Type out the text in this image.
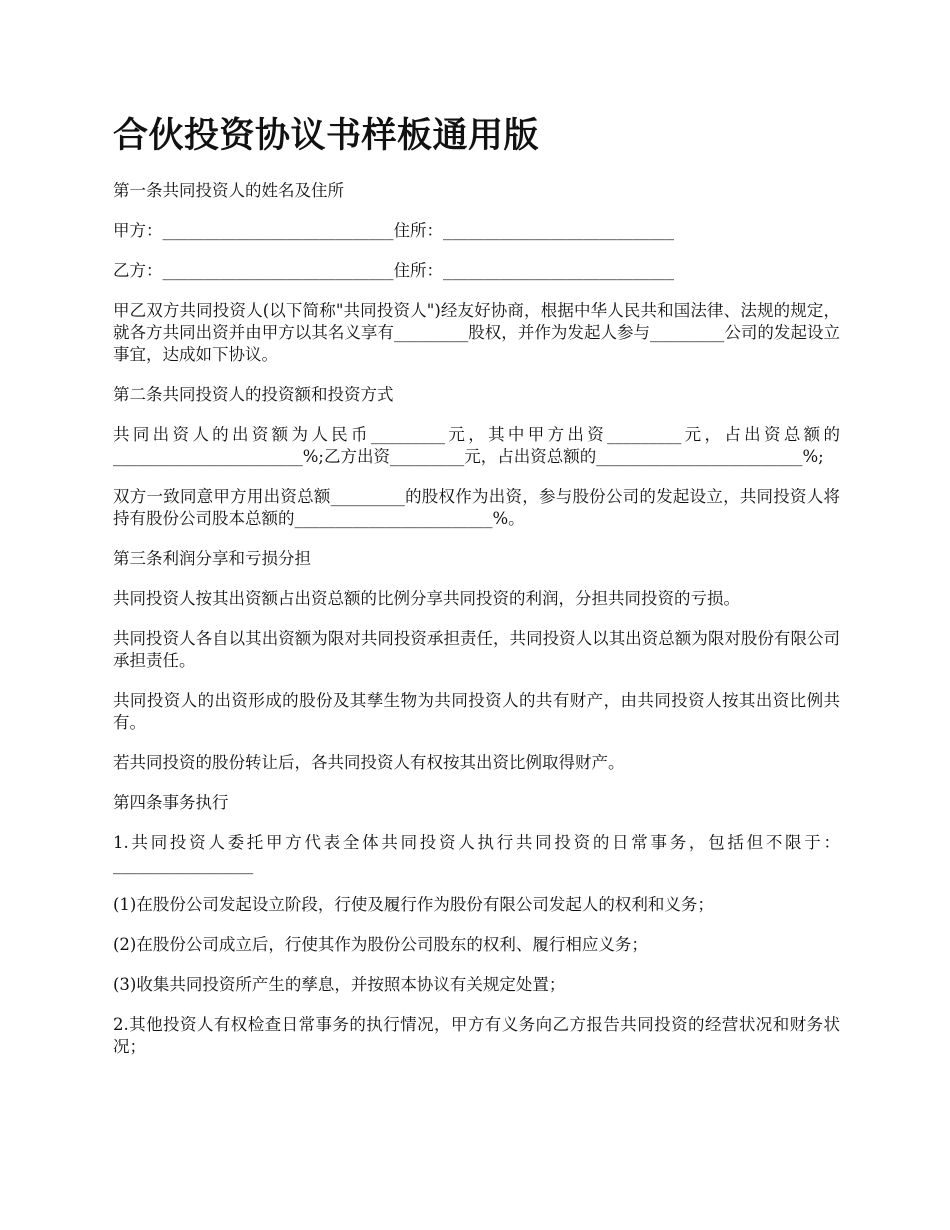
合伙投资协议书样板通用版

第一条共同投资人的姓名及住所

甲方：____________________________住所：____________________________

乙方：____________________________住所：____________________________

甲乙双方共同投资人(以下简称"共同投资人")经友好协商，根据中华人民共和国法律、法规的规定，就各方共同出资并由甲方以其名义享有_________股权，并作为发起人参与_________公司的发起设立事宜，达成如下协议。

第二条共同投资人的投资额和投资方式

共同出资人的出资额为人民币_________元，其中甲方出资_________元，占出资总额的_______________________%;乙方出资_________元，占出资总额的_________________________%;

双方一致同意甲方用出资总额_________的股权作为出资，参与股份公司的发起设立，共同投资人将持有股份公司股本总额的________________________%。

第三条利润分享和亏损分担

共同投资人按其出资额占出资总额的比例分享共同投资的利润，分担共同投资的亏损。

共同投资人各自以其出资额为限对共同投资承担责任，共同投资人以其出资总额为限对股份有限公司承担责任。

共同投资人的出资形成的股份及其孳生物为共同投资人的共有财产，由共同投资人按其出资比例共有。

若共同投资的股份转让后，各共同投资人有权按其出资比例取得财产。

第四条事务执行

1.共同投资人委托甲方代表全体共同投资人执行共同投资的日常事务，包括但不限于：_________________

(1)在股份公司发起设立阶段，行使及履行作为股份有限公司发起人的权利和义务；

(2)在股份公司成立后，行使其作为股份公司股东的权利、履行相应义务；

(3)收集共同投资所产生的孳息，并按照本协议有关规定处置；

2.其他投资人有权检查日常事务的执行情况，甲方有义务向乙方报告共同投资的经营状况和财务状况；
